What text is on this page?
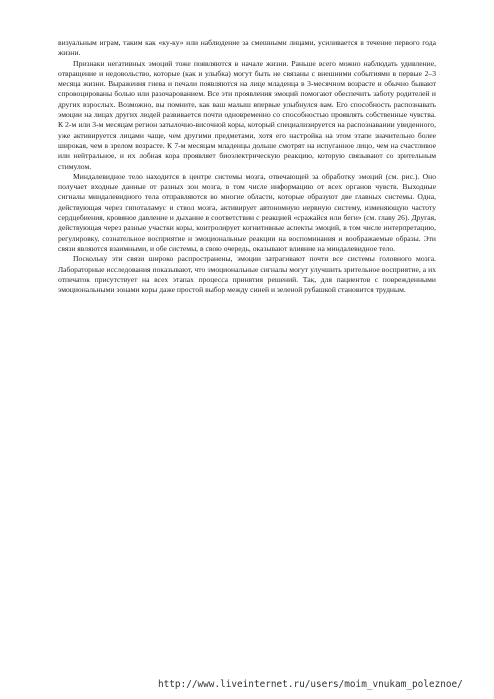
визуальным играм, таким как «ку-ку» или наблюдение за смешными лицами, усиливается в течение первого года жизни.

Признаки негативных эмоций тоже появляются в начале жизни. Раньше всего можно наблюдать удивление, отвращение и недовольство, которые (как и улыбка) могут быть не связаны с внешними событиями в первые 2–3 месяца жизни. Выражения гнева и печали появляются на лице младенца в 3-месячном возрасте и обычно бывают спровоцированы болью или разочарованием. Все эти проявления эмоций помогают обеспечить заботу родителей и других взрослых. Возможно, вы помните, как ваш малыш впервые улыбнулся вам. Его способность распознавать эмоции на лицах других людей развивается почти одновременно со способностью проявлять собственные чувства. К 2-м или 3-м месяцам регион затылочно-височной коры, который специализируется на распознавании увиденного, уже активируется лицами чаще, чем другими предметами, хотя его настройка на этом этапе значительно более широкая, чем в зрелом возрасте. К 7-м месяцам младенцы дольше смотрят на испуганное лицо, чем на счастливое или нейтральное, и их лобная кора проявляет биоэлектрическую реакцию, которую связывают со зрительным стимулом.

Миндалевидное тело находится в центре системы мозга, отвечающей за обработку эмоций (см. рис.). Оно получает входные данные от разных зон мозга, в том числе информацию от всех органов чувств. Выходные сигналы миндалевидного тела отправляются во многие области, которые образуют две главных системы. Одна, действующая через гипоталамус и ствол мозга, активирует автономную нервную систему, изменяющую частоту сердцебиения, кровяное давление и дыхание в соответствии с реакцией «сражайся или беги» (см. главу 26). Другая, действующая через разные участки коры, контролирует когнитивные аспекты эмоций, в том числе интерпретацию, регулировку, сознательное восприятие и эмоциональные реакции на воспоминания и воображаемые образы. Эти связи являются взаимными, и обе системы, в свою очередь, оказывают влияние на миндалевидное тело.

Поскольку эти связи широко распространены, эмоции затрагивают почти все системы головного мозга. Лабораторные исследования показывают, что эмоциональные сигналы могут улучшить зрительное восприятие, а их отпечаток присутствует на всех этапах процесса принятия решений. Так, для пациентов с поврежденными эмоциональными зонами коры даже простой выбор между синей и зеленой рубашкой становится трудным.

http://www.liveinternet.ru/users/moim_vnukam_poleznoe/
